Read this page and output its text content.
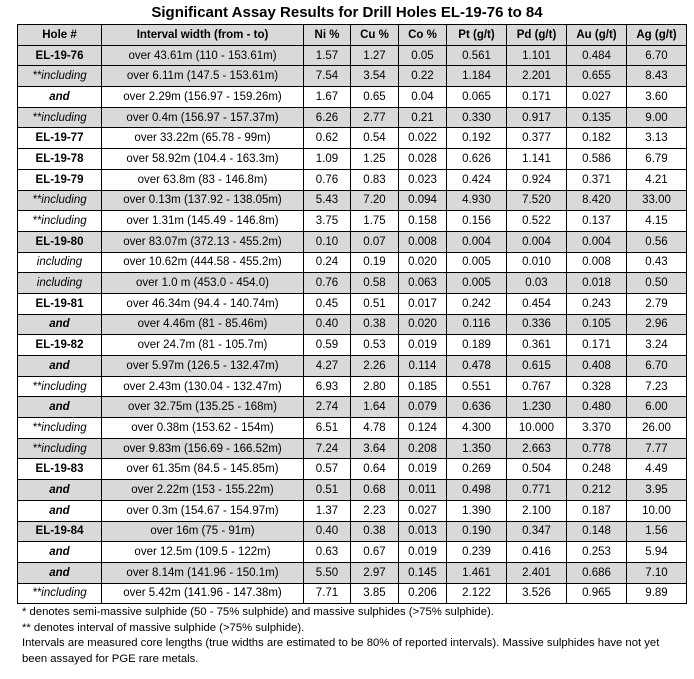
Significant Assay Results for Drill Holes EL-19-76 to 84
Hole #	Interval width (from - to)	Ni %	Cu %	Co %	Pt (g/t)	Pd (g/t)	Au (g/t)	Ag (g/t)
EL-19-76	over 43.61m (110 - 153.61m)	1.57	1.27	0.05	0.561	1.101	0.484	6.70
**including	over 6.11m (147.5 - 153.61m)	7.54	3.54	0.22	1.184	2.201	0.655	8.43
and	over 2.29m (156.97 - 159.26m)	1.67	0.65	0.04	0.065	0.171	0.027	3.60
**including	over 0.4m (156.97 - 157.37m)	6.26	2.77	0.21	0.330	0.917	0.135	9.00
EL-19-77	over 33.22m (65.78 - 99m)	0.62	0.54	0.022	0.192	0.377	0.182	3.13
EL-19-78	over 58.92m (104.4 - 163.3m)	1.09	1.25	0.028	0.626	1.141	0.586	6.79
EL-19-79	over 63.8m (83 - 146.8m)	0.76	0.83	0.023	0.424	0.924	0.371	4.21
**including	over 0.13m (137.92 - 138.05m)	5.43	7.20	0.094	4.930	7.520	8.420	33.00
**including	over 1.31m (145.49 - 146.8m)	3.75	1.75	0.158	0.156	0.522	0.137	4.15
EL-19-80	over 83.07m (372.13 - 455.2m)	0.10	0.07	0.008	0.004	0.004	0.004	0.56
including	over 10.62m (444.58 - 455.2m)	0.24	0.19	0.020	0.005	0.010	0.008	0.43
including	over 1.0 m (453.0 - 454.0)	0.76	0.58	0.063	0.005	0.03	0.018	0.50
EL-19-81	over 46.34m (94.4 - 140.74m)	0.45	0.51	0.017	0.242	0.454	0.243	2.79
and	over 4.46m (81 - 85.46m)	0.40	0.38	0.020	0.116	0.336	0.105	2.96
EL-19-82	over 24.7m (81 - 105.7m)	0.59	0.53	0.019	0.189	0.361	0.171	3.24
and	over 5.97m (126.5 - 132.47m)	4.27	2.26	0.114	0.478	0.615	0.408	6.70
**including	over 2.43m (130.04 - 132.47m)	6.93	2.80	0.185	0.551	0.767	0.328	7.23
and	over 32.75m (135.25 - 168m)	2.74	1.64	0.079	0.636	1.230	0.480	6.00
**including	over 0.38m (153.62 - 154m)	6.51	4.78	0.124	4.300	10.000	3.370	26.00
**including	over 9.83m (156.69 - 166.52m)	7.24	3.64	0.208	1.350	2.663	0.778	7.77
EL-19-83	over 61.35m (84.5 - 145.85m)	0.57	0.64	0.019	0.269	0.504	0.248	4.49
and	over 2.22m (153 - 155.22m)	0.51	0.68	0.011	0.498	0.771	0.212	3.95
and	over 0.3m (154.67 - 154.97m)	1.37	2.23	0.027	1.390	2.100	0.187	10.00
EL-19-84	over 16m (75 - 91m)	0.40	0.38	0.013	0.190	0.347	0.148	1.56
and	over 12.5m (109.5 - 122m)	0.63	0.67	0.019	0.239	0.416	0.253	5.94
and	over 8.14m (141.96 - 150.1m)	5.50	2.97	0.145	1.461	2.401	0.686	7.10
**including	over 5.42m (141.96 - 147.38m)	7.71	3.85	0.206	2.122	3.526	0.965	9.89
* denotes semi-massive sulphide (50 - 75% sulphide) and massive sulphides (>75% sulphide).
** denotes interval of massive sulphide (>75% sulphide).
Intervals are measured core lengths (true widths are estimated to be 80% of reported intervals). Massive sulphides have not yet
been assayed for PGE rare metals.
